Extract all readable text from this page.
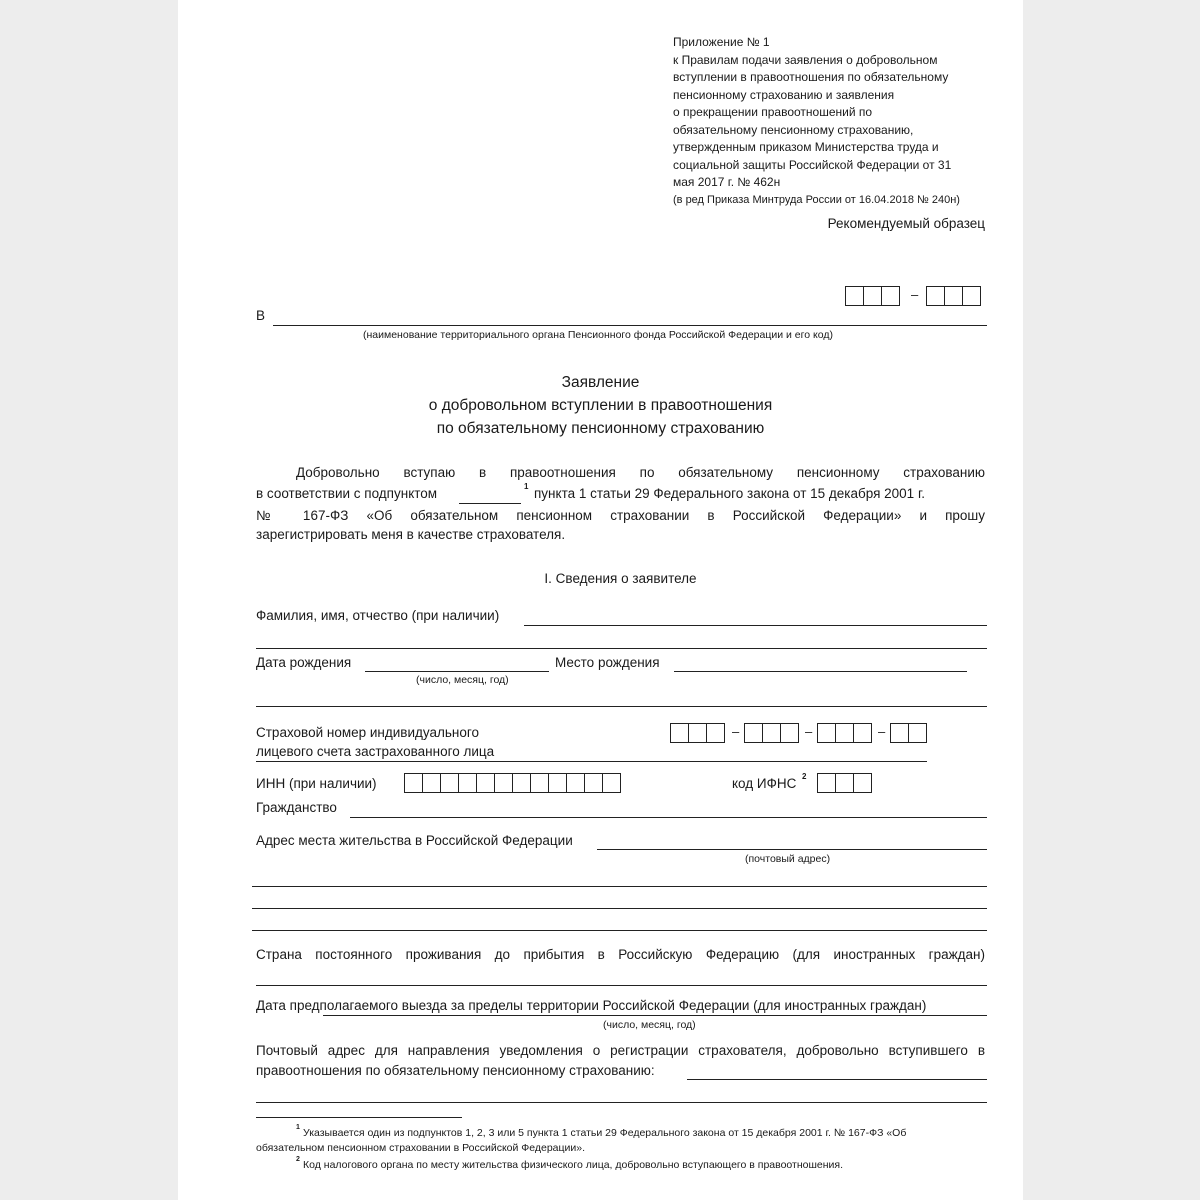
Приложение № 1
к Правилам подачи заявления о добровольном
вступлении в правоотношения по обязательному
пенсионному страхованию и заявления
о прекращении правоотношений по
обязательному пенсионному страхованию,
утвержденным приказом Министерства труда и
социальной защиты Российской Федерации от 31
мая 2017 г. № 462н
(в ред Приказа Минтруда России от 16.04.2018 № 240н)
Рекомендуемый образец
–
В
(наименование территориального органа Пенсионного фонда Российской Федерации и его код)
Заявление
о добровольном вступлении в правоотношения
по обязательному пенсионному страхованию
Добровольно вступаю в правоотношения по обязательному пенсионному страхованию
в соответствии с подпунктом	1 пункта 1 статьи 29 Федерального закона от 15 декабря 2001 г.
№ 167-ФЗ «Об обязательном пенсионном страховании в Российской Федерации» и прошу
зарегистрировать меня в качестве страхователя.
I. Сведения о заявителе
Фамилия, имя, отчество (при наличии)
Дата рождения
(число, месяц, год)
Место рождения
Страховой номер индивидуального
лицевого счета застрахованного лица
–	–	–
ИНН (при наличии)	код ИФНС 2
Гражданство
Адрес места жительства в Российской Федерации
(почтовый адрес)
Страна постоянного проживания до прибытия в Российскую Федерацию (для иностранных граждан)
Дата предполагаемого выезда за пределы территории Российской Федерации (для иностранных граждан)
(число, месяц, год)
Почтовый адрес для направления уведомления о регистрации страхователя, добровольно вступившего в
правоотношения по обязательному пенсионному страхованию:
1 Указывается один из подпунктов 1, 2, 3 или 5 пункта 1 статьи 29 Федерального закона от 15 декабря 2001 г. № 167-ФЗ «Об
обязательном пенсионном страховании в Российской Федерации».
2 Код налогового органа по месту жительства физического лица, добровольно вступающего в правоотношения.
